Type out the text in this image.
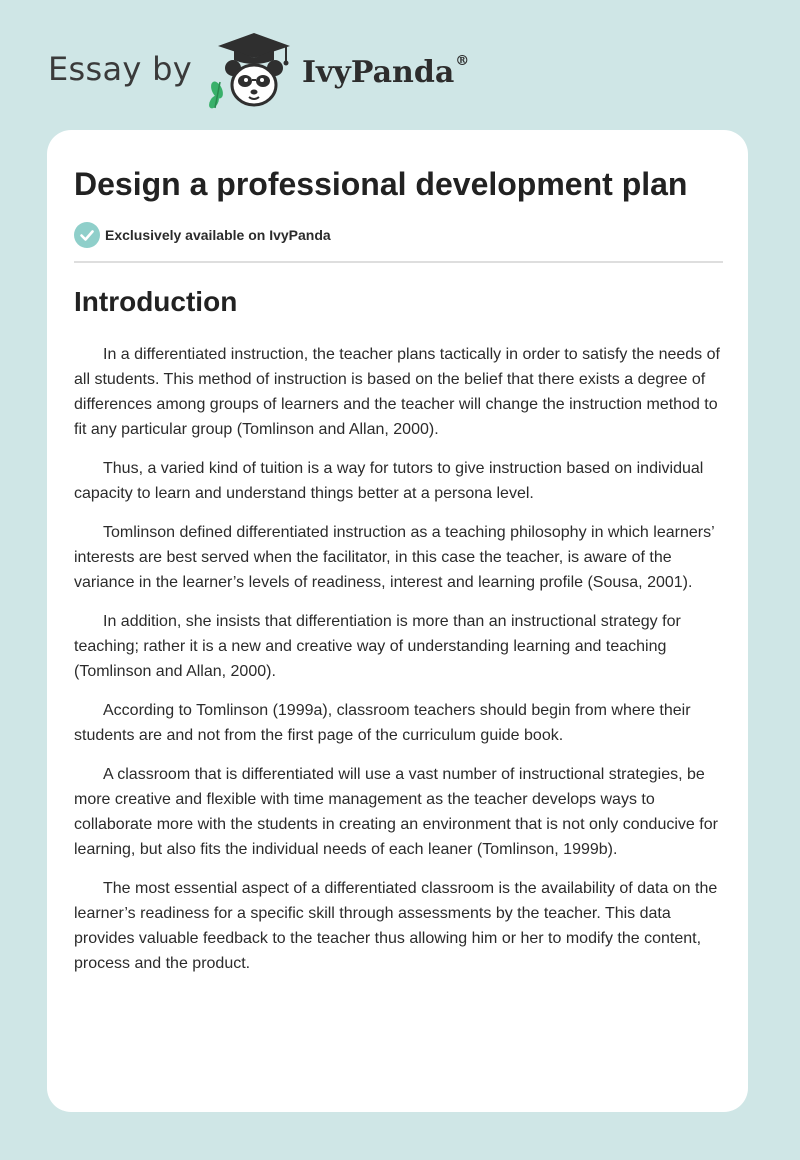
Essay by	IvyPanda®
Design a professional development plan
Exclusively available on IvyPanda
Introduction

In a differentiated instruction, the teacher plans tactically in order to satisfy the needs of all students. This method of instruction is based on the belief that there exists a degree of differences among groups of learners and the teacher will change the instruction method to fit any particular group (Tomlinson and Allan, 2000).

Thus, a varied kind of tuition is a way for tutors to give instruction based on individual capacity to learn and understand things better at a persona level.

Tomlinson defined differentiated instruction as a teaching philosophy in which learners’ interests are best served when the facilitator, in this case the teacher, is aware of the variance in the learner’s levels of readiness, interest and learning profile (Sousa, 2001).

In addition, she insists that differentiation is more than an instructional strategy for teaching; rather it is a new and creative way of understanding learning and teaching (Tomlinson and Allan, 2000).

According to Tomlinson (1999a), classroom teachers should begin from where their students are and not from the first page of the curriculum guide book.

A classroom that is differentiated will use a vast number of instructional strategies, be more creative and flexible with time management as the teacher develops ways to collaborate more with the students in creating an environment that is not only conducive for learning, but also fits the individual needs of each leaner (Tomlinson, 1999b).

The most essential aspect of a differentiated classroom is the availability of data on the learner’s readiness for a specific skill through assessments by the teacher. This data provides valuable feedback to the teacher thus allowing him or her to modify the content, process and the product.
